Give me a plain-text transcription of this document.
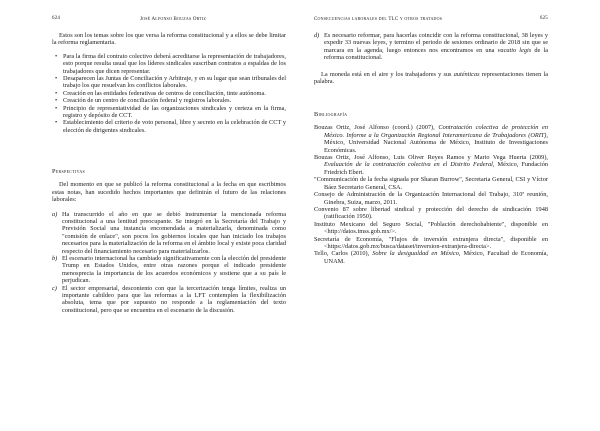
624	José Alfonso Bouzas Ortiz

Estos son los temas sobre los que versa la reforma constitucional y a ellos se debe limitar la reforma reglamentaria.

• Para la firma del contrato colectivo deberá acreditarse la representación de trabajadores, esto porque resulta usual que los líderes sindicales suscriban contratos a espaldas de los trabajadores que dicen representar.
• Desaparecen las Juntas de Conciliación y Arbitraje, y en su lugar que sean tribunales del trabajo los que resuelvan los conflictos laborales.
• Creación en las entidades federativas de centros de conciliación, tinte autónoma.
• Creación de un centro de conciliación federal y registros laborales.
• Principio de representatividad de las organizaciones sindicales y certeza en la firma, registro y depósito de CCT.
• Establecimiento del criterio de voto personal, libre y secreto en la celebración de CCT y elección de dirigentes sindicales.
Perspectivas

Del momento en que se publicó la reforma constitucional a la fecha en que escribimos estas notas, han sucedido hechos importantes que definirán el futuro de las relaciones laborales:

a) Ha transcurrido el año en que se debió instrumentar la mencionada reforma constitucional a una lentitud preocupante. Se integró en la Secretaría del Trabajo y Previsión Social una instancia encomendada a materializarla, denominada como "comisión de enlace", son pocos los gobiernos locales que han iniciado los trabajos necesarios para la materialización de la reforma en el ámbito local y existe poca claridad respecto del financiamiento necesario para materializarlos.
b) El escenario internacional ha cambiado significativamente con la elección del presidente Trump en Estados Unidos, entre otras razones porque el indicado presidente menosprecia la importancia de los acuerdos económicos y sostiene que a su país le perjudican.
c) El sector empresarial, descontento con que la tercerización tenga límites, realiza un importante cabildeo para que las reformas a la LFT contemplen la flexibilización absoluta, tema que por supuesto no responde a la reglamentación del texto constitucional, pero que se encuentra en el escenario de la discusión.
Consecuencias laborales del TLC y otros tratados	625
d) Es necesario reformar, para hacerlas coincidir con la reforma constitucional, 38 leyes y expedir 33 nuevas leyes, y termino el periodo de sesiones ordinario de 2018 sin que se marcara en la agenda, luego entonces nos encontramos en una vacatio legis de la reforma constitucional.

La moneda está en el aire y los trabajadores y sus auténticas representaciones tienen la palabra.

Bibliografía

Bouzas Ortiz, José Alfonso (coord.) (2007), Contratación colectiva de protección en México. Informe a la Organización Regional Interamericana de Trabajadores (ORIT), México, Universidad Nacional Autónoma de México, Instituto de Investigaciones Económicas.

Bouzas Ortiz, José Alfonso, Luis Oliver Reyes Ramos y Mario Vega Huerta (2009), Evaluación de la contratación colectiva en el Distrito Federal, México, Fundación Friedrich Ebert.

"Communicación de la fecha signada por Sharan Burrow", Secretaria General, CSI y Víctor Báez Secretario General, CSA.

Consejo de Administración de la Organización Internacional del Trabajo, 310ª reunión, Ginebra, Suiza, marzo, 2011.

Convenio 87 sobre libertad sindical y protección del derecho de sindicación 1948 (ratificación 1950).

Instituto Mexicano del Seguro Social, "Población derechohabiente", disponible en <http://datos.imss.gob.mx/>.

Secretaría de Economía, "Flujos de inversión extranjera directa", disponible en <https://datos.gob.mx/busca/dataset/inversion-extranjera-directa>.

Tello, Carlos (2010), Sobre la desigualdad en México, México, Facultad de Economía, UNAM.
